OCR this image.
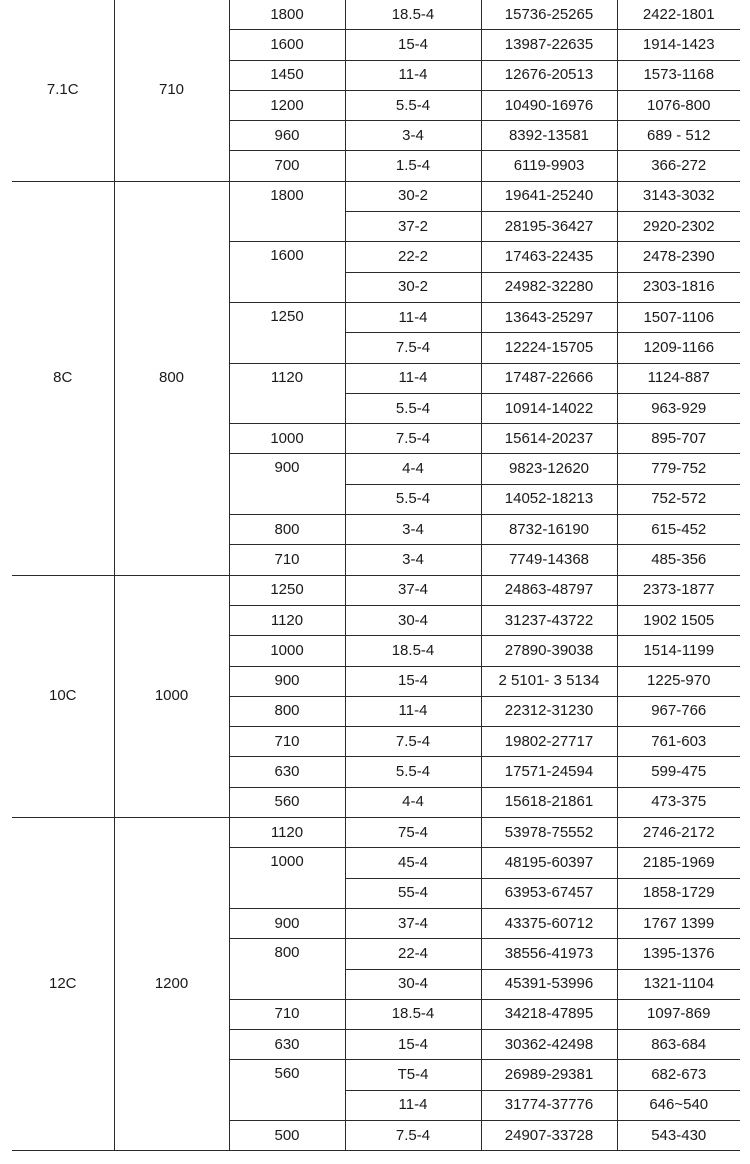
7.1C	710	1800	18.5-4	15736-25265	2422-1801
		1600	15-4	13987-22635	1914-1423
		1450	11-4	12676-20513	1573-1168
		1200	5.5-4	10490-16976	1076-800
		960	3-4	8392-13581	689 - 512
		700	1.5-4	6119-9903	366-272
8C	800	1800	30-2	19641-25240	3143-3032
			37-2	28195-36427	2920-2302
		1600	22-2	17463-22435	2478-2390
			30-2	24982-32280	2303-1816
		1250	11-4	13643-25297	1507-1106
			7.5-4	12224-15705	1209-1166
		1120	11-4	17487-22666	1124-887
			5.5-4	10914-14022	963-929
		1000	7.5-4	15614-20237	895-707
		900	4-4	9823-12620	779-752
			5.5-4	14052-18213	752-572
		800	3-4	8732-16190	615-452
		710	3-4	7749-14368	485-356
10C	1000	1250	37-4	24863-48797	2373-1877
		1120	30-4	31237-43722	1902 1505
		1000	18.5-4	27890-39038	1514-1199
		900	15-4	2 5101- 3 5134	1225-970
		800	11-4	22312-31230	967-766
		710	7.5-4	19802-27717	761-603
		630	5.5-4	17571-24594	599-475
		560	4-4	15618-21861	473-375
12C	1200	1120	75-4	53978-75552	2746-2172
		1000	45-4	48195-60397	2185-1969
			55-4	63953-67457	1858-1729
		900	37-4	43375-60712	1767 1399
		800	22-4	38556-41973	1395-1376
			30-4	45391-53996	1321-1104
		710	18.5-4	34218-47895	1097-869
		630	15-4	30362-42498	863-684
		560	T5-4	26989-29381	682-673
			11-4	31774-37776	646~540
		500	7.5-4	24907-33728	543-430
